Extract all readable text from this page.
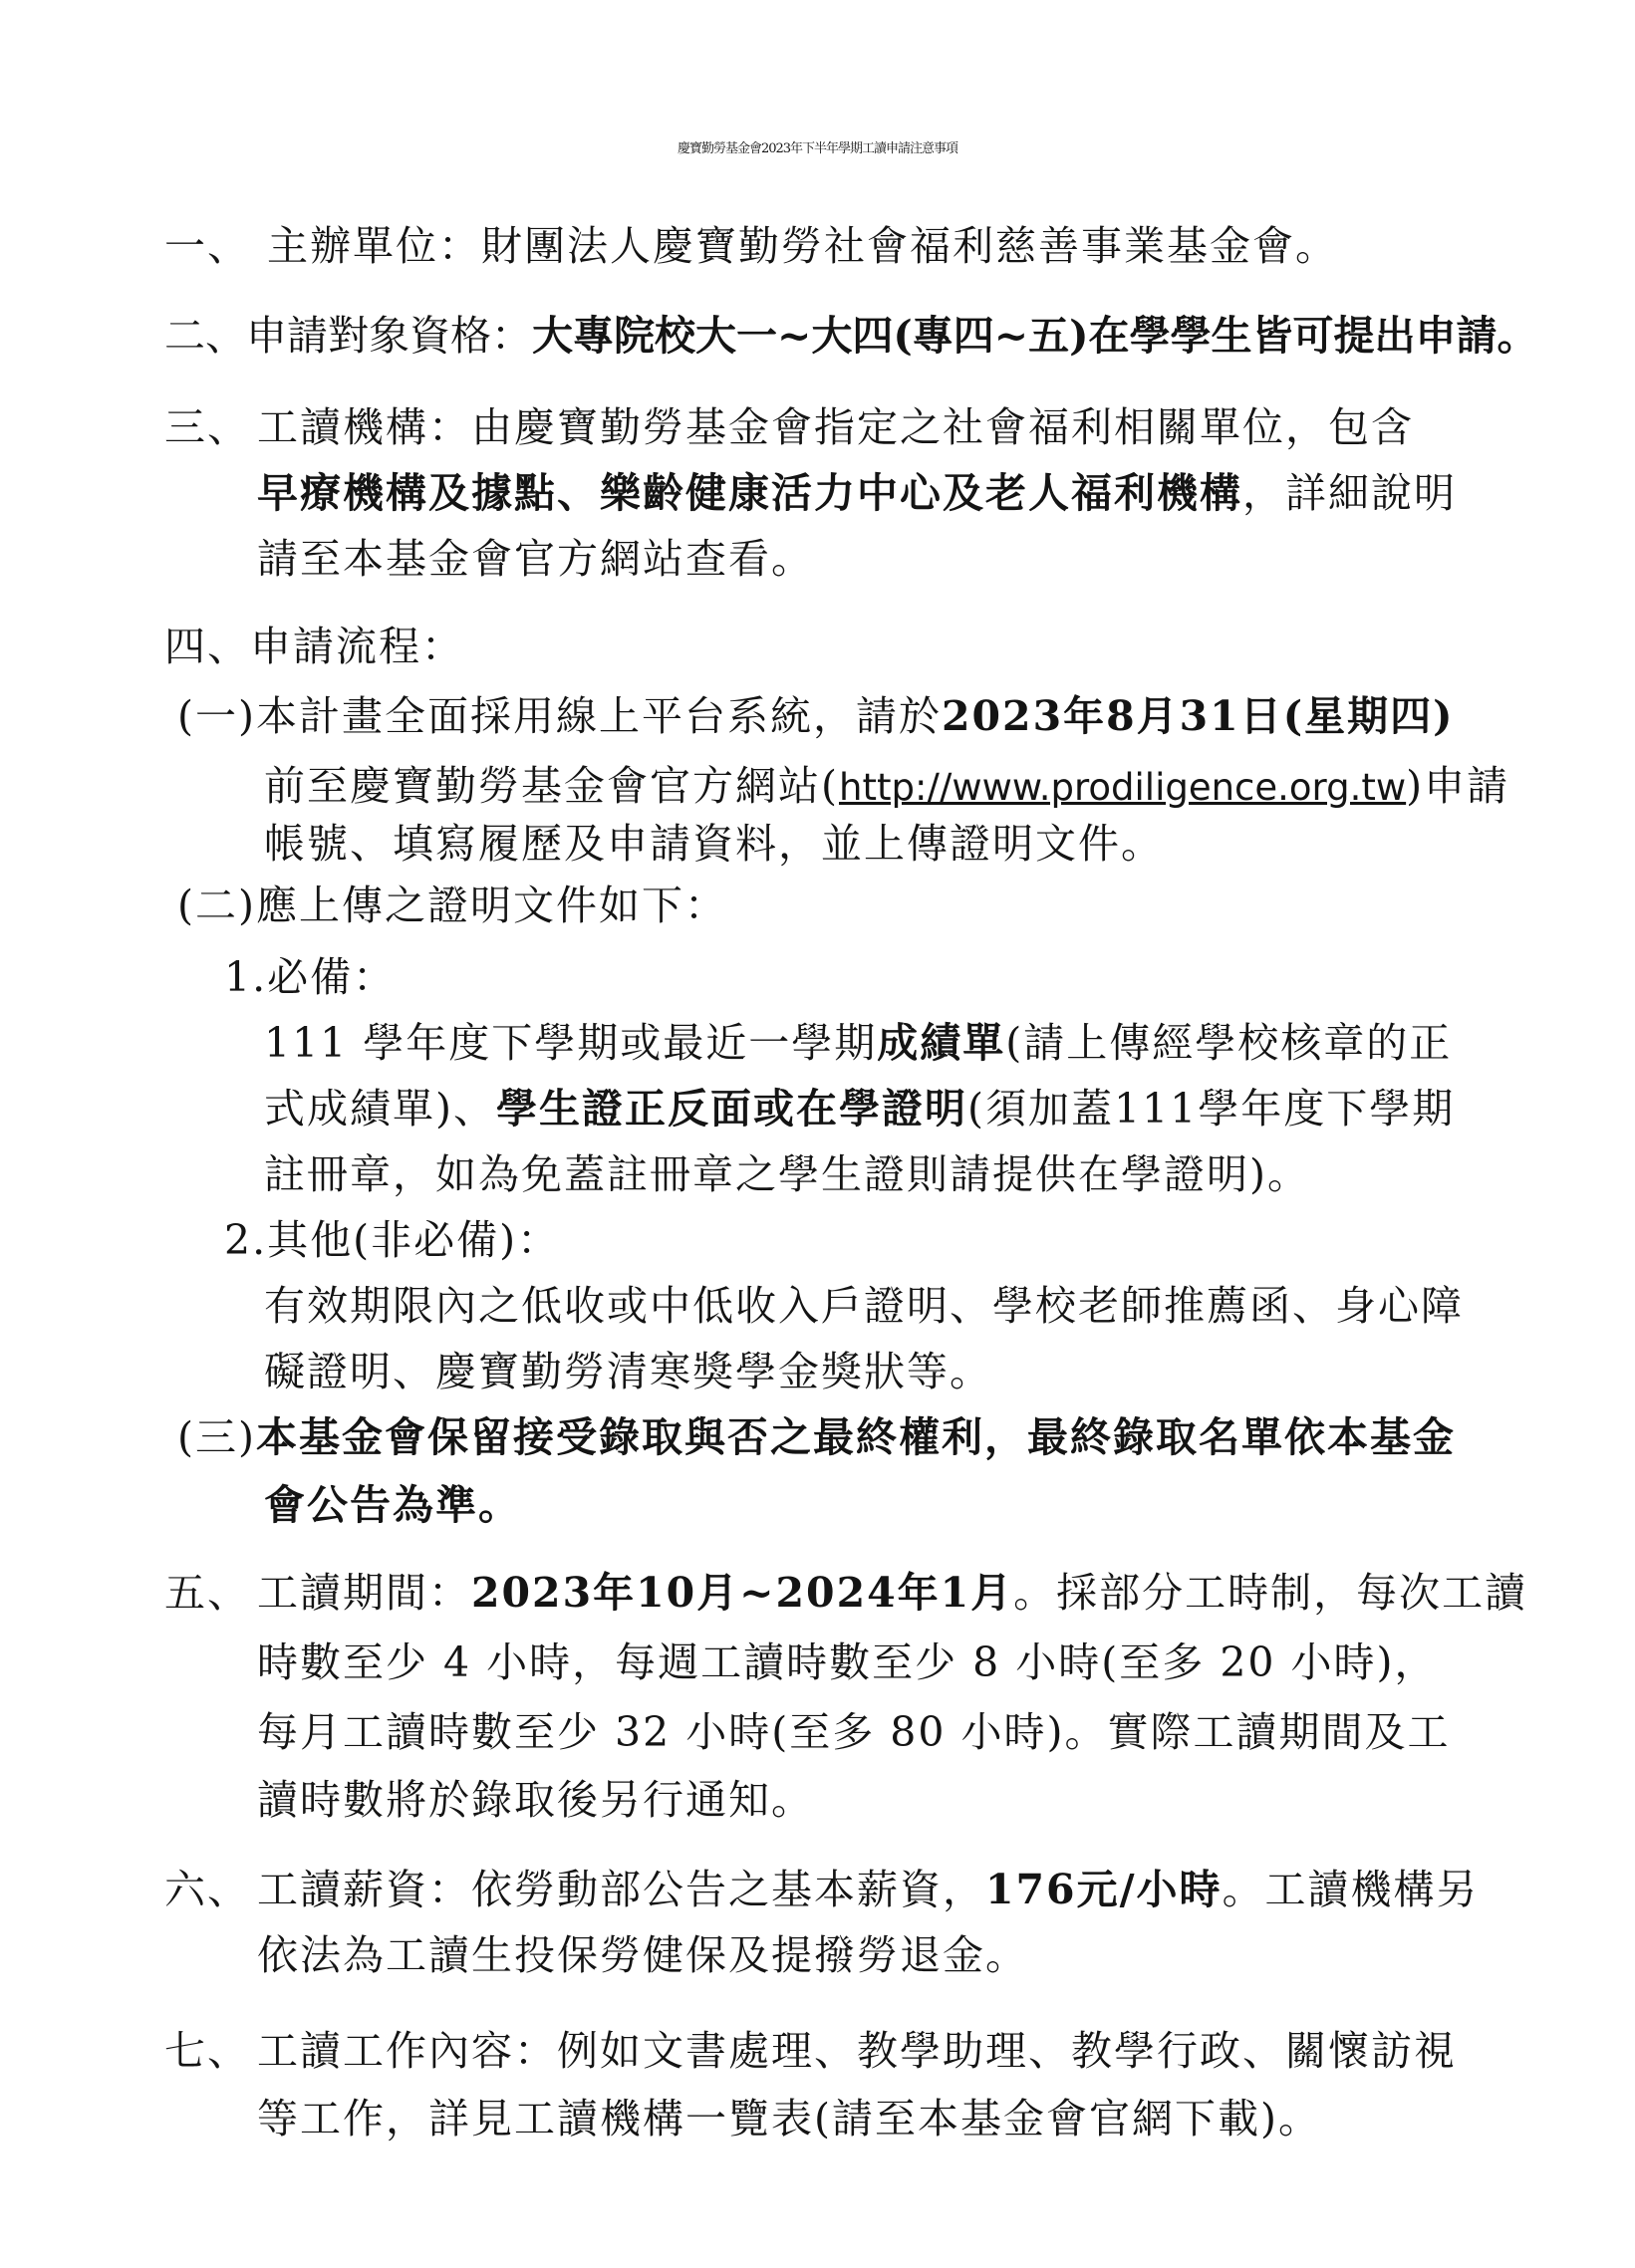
慶寶勤勞基金會2023年下半年學期工讀申請注意事項
一、 主辦單位：財團法人慶寶勤勞社會福利慈善事業基金會。
二、申請對象資格：大專院校大一~大四(專四~五)在學學生皆可提出申請。
三、 工讀機構：由慶寶勤勞基金會指定之社會福利相關單位，包含
早療機構及據點、樂齡健康活力中心及老人福利機構，詳細說明
請至本基金會官方網站查看。
四、申請流程：
(一)本計畫全面採用線上平台系統，請於2023年8月31日(星期四)
前至慶寶勤勞基金會官方網站(http://www.prodiligence.org.tw)申請
帳號、填寫履歷及申請資料，並上傳證明文件。
(二)應上傳之證明文件如下：
1.必備：
111 學年度下學期或最近一學期成績單(請上傳經學校核章的正
式成績單)、學生證正反面或在學證明(須加蓋111學年度下學期
註冊章，如為免蓋註冊章之學生證則請提供在學證明)。
2.其他(非必備)：
有效期限內之低收或中低收入戶證明、學校老師推薦函、身心障
礙證明、慶寶勤勞清寒獎學金獎狀等。
(三)本基金會保留接受錄取與否之最終權利，最終錄取名單依本基金
會公告為準。
五、 工讀期間：2023年10月~2024年1月。採部分工時制，每次工讀
時數至少 4 小時，每週工讀時數至少 8 小時(至多 20 小時)，
每月工讀時數至少 32 小時(至多 80 小時)。實際工讀期間及工
讀時數將於錄取後另行通知。
六、 工讀薪資：依勞動部公告之基本薪資，176元/小時。工讀機構另
依法為工讀生投保勞健保及提撥勞退金。
七、 工讀工作內容：例如文書處理、教學助理、教學行政、關懷訪視
等工作，詳見工讀機構一覽表(請至本基金會官網下載)。
